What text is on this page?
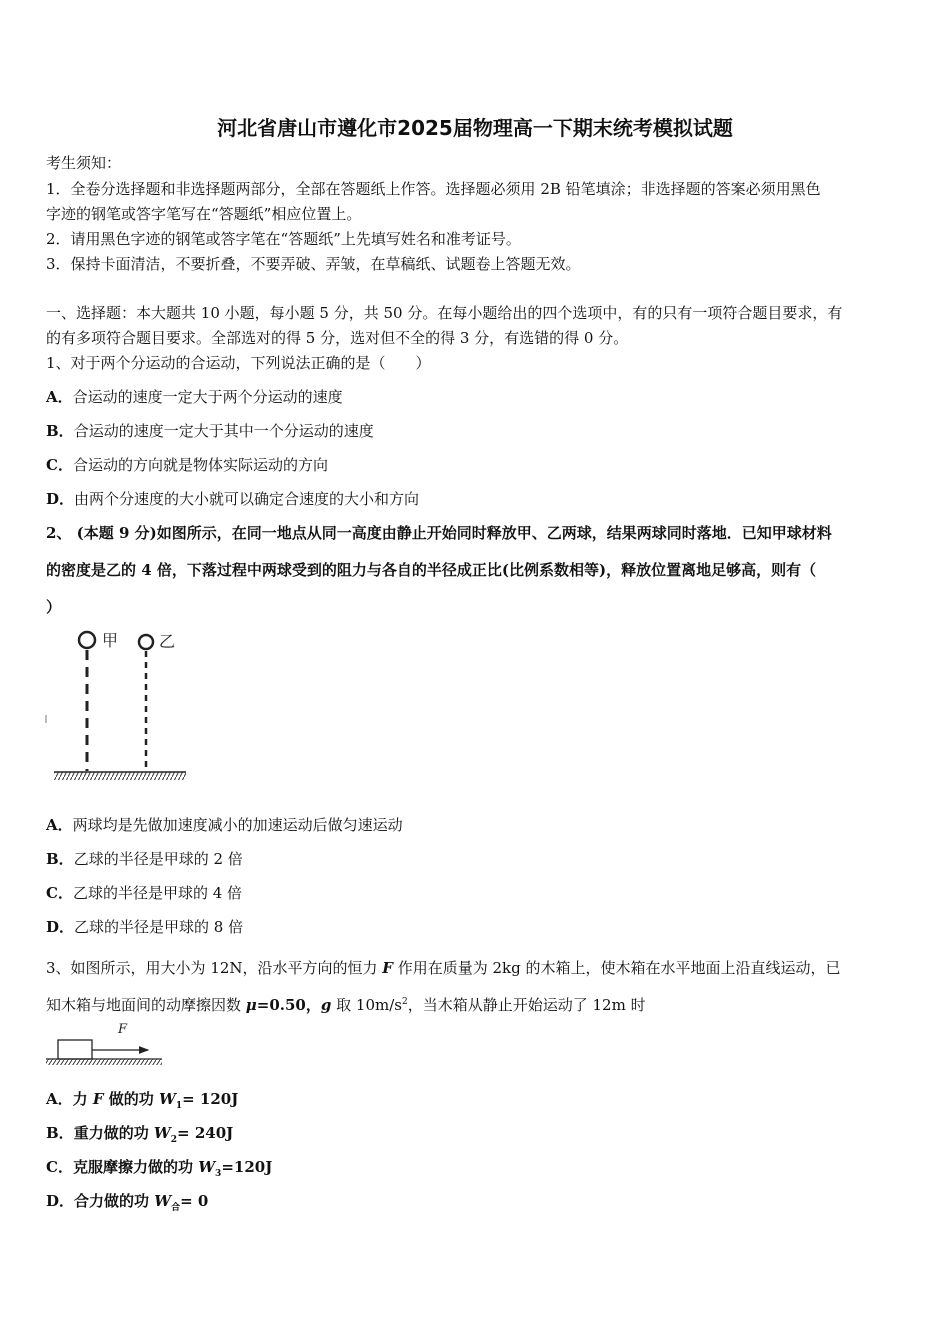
河北省唐山市遵化市2025届物理高一下期末统考模拟试题
考生须知：
1．全卷分选择题和非选择题两部分，全部在答题纸上作答。选择题必须用 2B 铅笔填涂；非选择题的答案必须用黑色
字迹的钢笔或答字笔写在“答题纸”相应位置上。
2．请用黑色字迹的钢笔或答字笔在“答题纸”上先填写姓名和准考证号。
3．保持卡面清洁，不要折叠，不要弄破、弄皱，在草稿纸、试题卷上答题无效。
一、选择题：本大题共 10 小题，每小题 5 分，共 50 分。在每小题给出的四个选项中，有的只有一项符合题目要求，有
的有多项符合题目要求。全部选对的得 5 分，选对但不全的得 3 分，有选错的得 0 分。
1、对于两个分运动的合运动，下列说法正确的是（　　）
A．合运动的速度一定大于两个分运动的速度
B．合运动的速度一定大于其中一个分运动的速度
C．合运动的方向就是物体实际运动的方向
D．由两个分速度的大小就可以确定合速度的大小和方向
2、 (本题 9 分)如图所示，在同一地点从同一高度由静止开始同时释放甲、乙两球，结果两球同时落地．已知甲球材料
的密度是乙的 4 倍，下落过程中两球受到的阻力与各自的半径成正比(比例系数相等)，释放位置离地足够高，则有（
）
甲	乙
A．两球均是先做加速度减小的加速运动后做匀速运动
B．乙球的半径是甲球的 2 倍
C．乙球的半径是甲球的 4 倍
D．乙球的半径是甲球的 8 倍
3、如图所示，用大小为 12N，沿水平方向的恒力 F 作用在质量为 2kg 的木箱上，使木箱在水平地面上沿直线运动，已
知木箱与地面间的动摩擦因数 μ=0.50，g 取 $10m/s^2$，当木箱从静止开始运动了 12m 时
F
A．力 F 做的功 $W_1= 120J$
B．重力做的功 $W_2= 240J$
C．克服摩擦力做的功 $W_3=120J$
D．合力做的功 $W_合= 0$
